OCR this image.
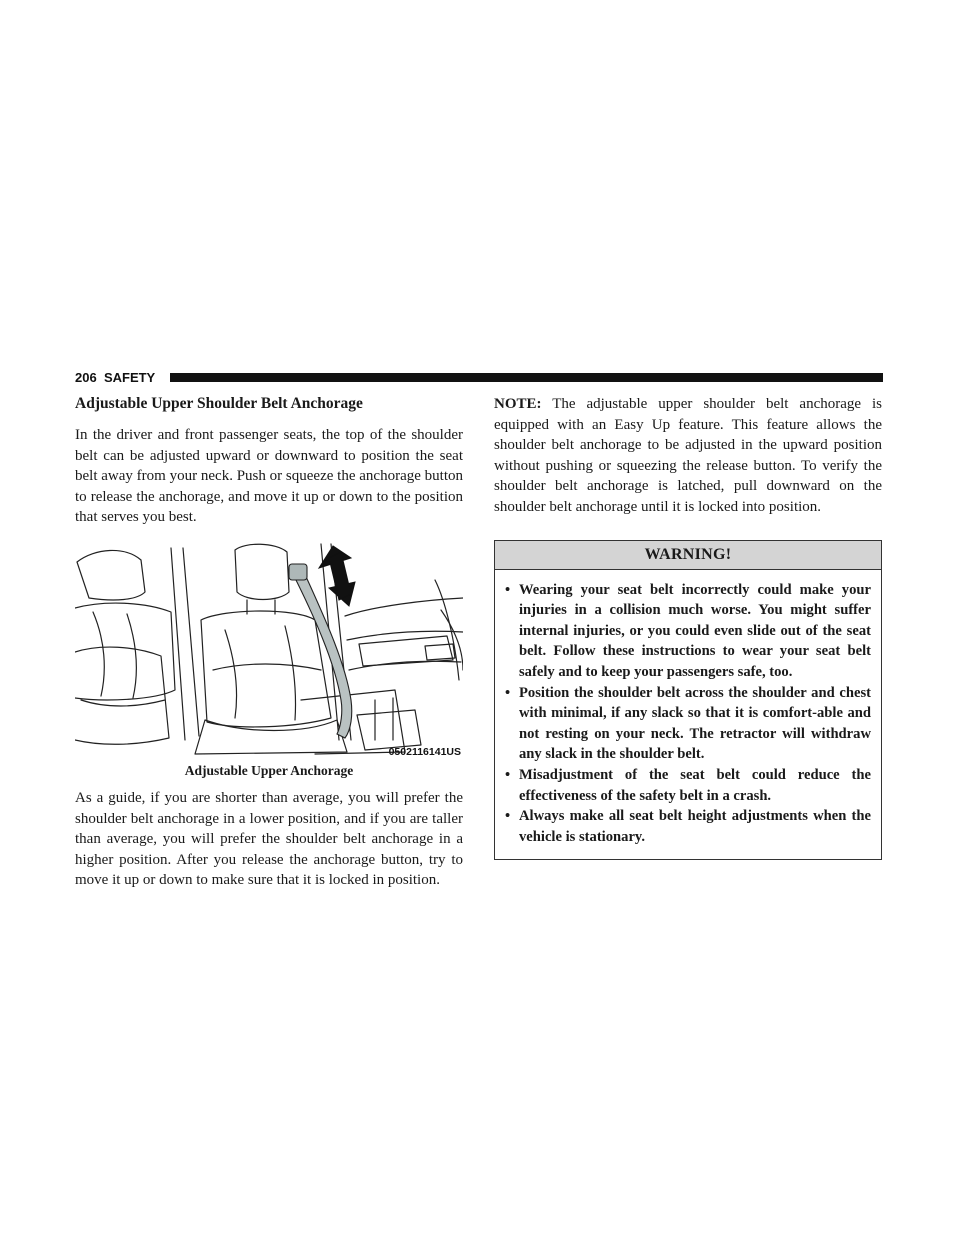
206 SAFETY
Adjustable Upper Shoulder Belt Anchorage

In the driver and front passenger seats, the top of the shoulder belt can be adjusted upward or downward to position the seat belt away from your neck. Push or squeeze the anchorage button to release the anchorage, and move it up or down to the position that serves you best.

0502116141US
Adjustable Upper Anchorage

As a guide, if you are shorter than average, you will prefer the shoulder belt anchorage in a lower position, and if you are taller than average, you will prefer the shoulder belt anchorage in a higher position. After you release the anchorage button, try to move it up or down to make sure that it is locked in position.

NOTE: The adjustable upper shoulder belt anchorage is equipped with an Easy Up feature. This feature allows the shoulder belt anchorage to be adjusted in the upward position without pushing or squeezing the release button. To verify the shoulder belt anchorage is latched, pull downward on the shoulder belt anchorage until it is locked into position.

WARNING!
• Wearing your seat belt incorrectly could make your injuries in a collision much worse. You might suffer internal injuries, or you could even slide out of the seat belt. Follow these instructions to wear your seat belt safely and to keep your passengers safe, too.
• Position the shoulder belt across the shoulder and chest with minimal, if any slack so that it is comfort-able and not resting on your neck. The retractor will withdraw any slack in the shoulder belt.
• Misadjustment of the seat belt could reduce the effectiveness of the safety belt in a crash.
• Always make all seat belt height adjustments when the vehicle is stationary.
